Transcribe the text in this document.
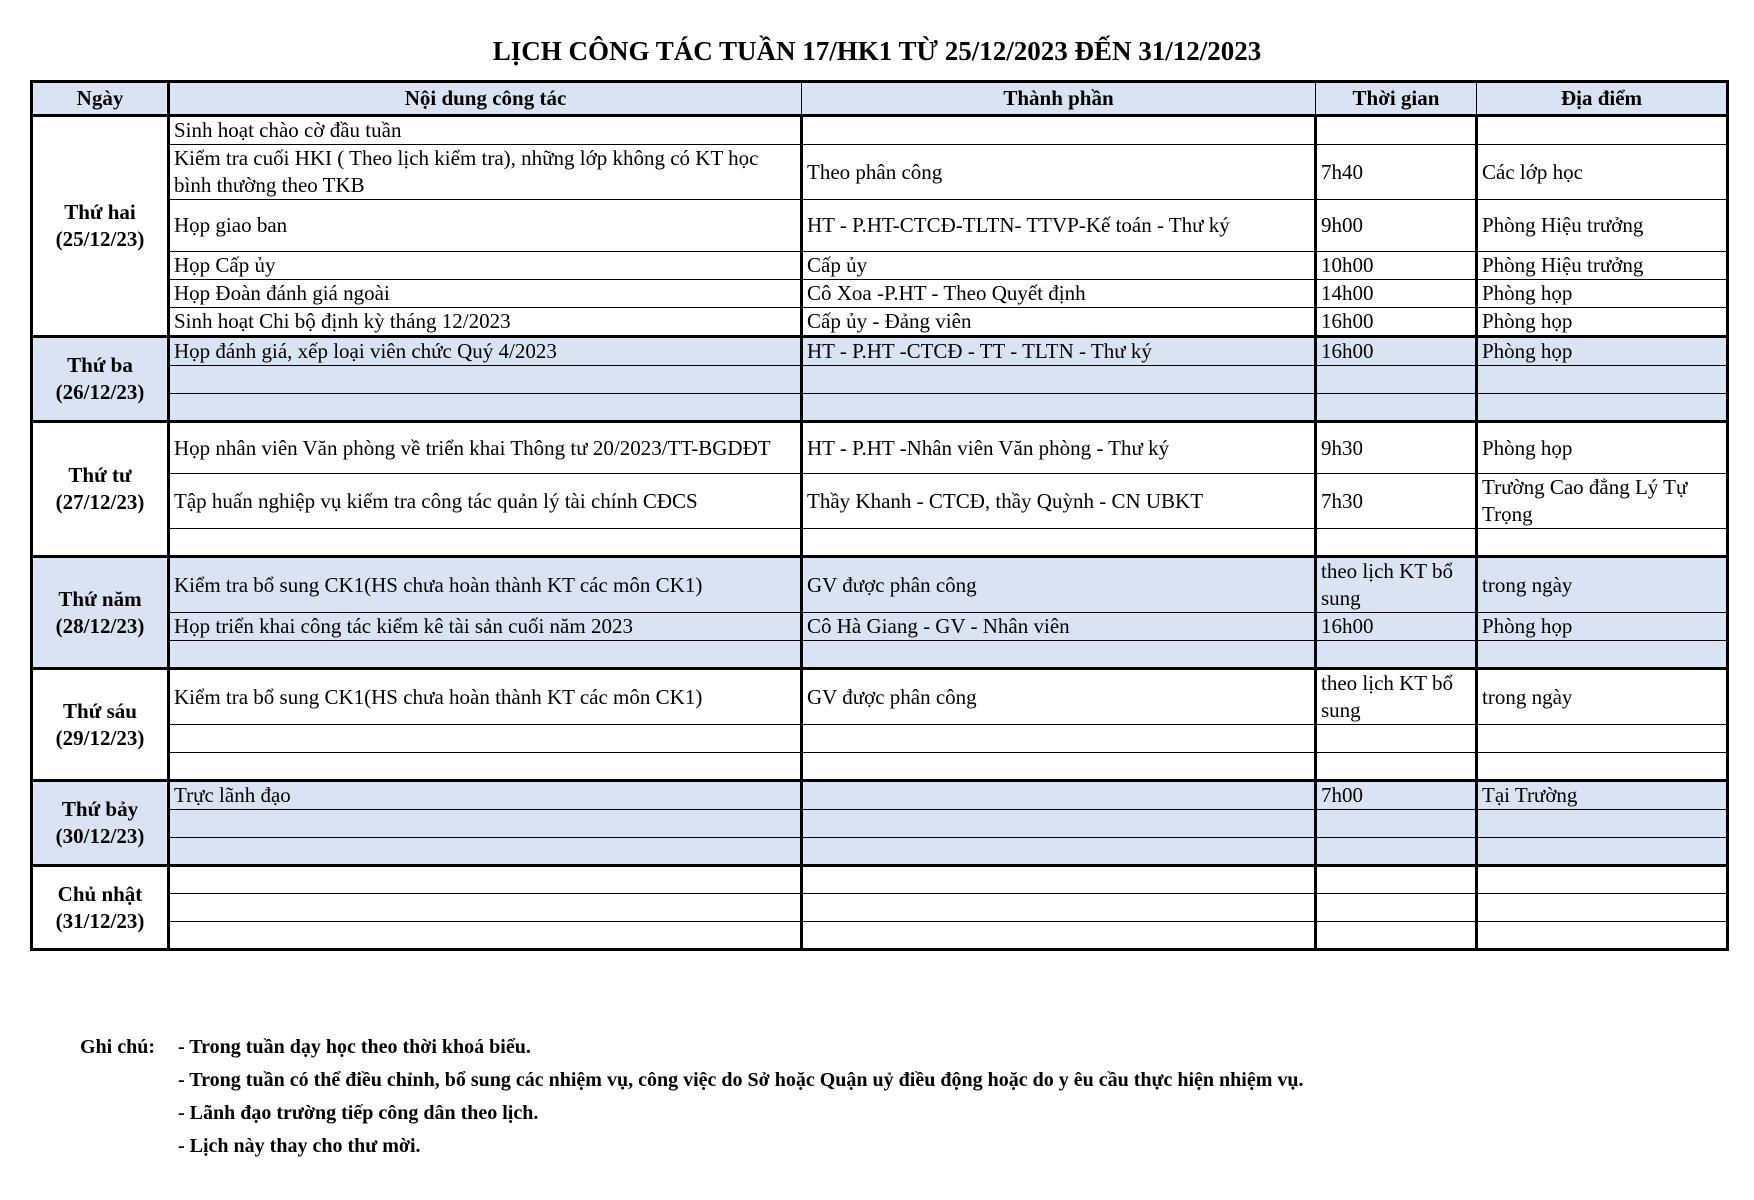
LỊCH CÔNG TÁC TUẦN 17/HK1 TỪ 25/12/2023 ĐẾN 31/12/2023
Ngày	Nội dung công tác	Thành phần	Thời gian	Địa điểm

Thứ hai
(25/12/23)	Sinh hoạt chào cờ đầu tuần			
	Kiểm tra cuối HKI ( Theo lịch kiểm tra), những lớp không có KT học bình thường theo TKB	Theo phân công	7h40	Các lớp học
	Họp giao ban	HT - P.HT-CTCĐ-TLTN- TTVP-Kế toán - Thư ký	9h00	Phòng Hiệu trưởng
	Họp Cấp ủy	Cấp ủy	10h00	Phòng Hiệu trưởng
	Họp Đoàn đánh giá ngoài	Cô Xoa -P.HT - Theo Quyết định	14h00	Phòng họp
	Sinh hoạt Chi bộ định kỳ tháng 12/2023	Cấp ủy - Đảng viên	16h00	Phòng họp

Thứ ba
(26/12/23)	Họp đánh giá, xếp loại viên chức Quý 4/2023	HT - P.HT -CTCĐ - TT - TLTN - Thư ký	16h00	Phòng họp

Thứ tư
(27/12/23)	Họp nhân viên Văn phòng về triển khai Thông tư 20/2023/TT-BGDĐT	HT - P.HT -Nhân viên Văn phòng - Thư ký	9h30	Phòng họp
	Tập huấn nghiệp vụ kiểm tra công tác quản lý tài chính CĐCS	Thầy Khanh - CTCĐ, thầy Quỳnh - CN UBKT	7h30	Trường Cao đẳng Lý Tự Trọng

Thứ năm
(28/12/23)	Kiểm tra bổ sung CK1(HS chưa hoàn thành KT các môn CK1)	GV được phân công	theo lịch KT bổ sung	trong ngày
	Họp triển khai công tác kiểm kê tài sản cuối năm 2023	Cô Hà Giang - GV - Nhân viên	16h00	Phòng họp

Thứ sáu
(29/12/23)	Kiểm tra bổ sung CK1(HS chưa hoàn thành KT các môn CK1)	GV được phân công	theo lịch KT bổ sung	trong ngày

Thứ bảy
(30/12/23)	Trực lãnh đạo		7h00	Tại Trường

Chủ nhật
(31/12/23)				

Ghi chú:	- Trong tuần dạy học theo thời khoá biểu.
- Trong tuần có thể điều chỉnh, bổ sung các nhiệm vụ, công việc do Sở hoặc Quận uỷ điều động hoặc do y êu cầu thực hiện nhiệm vụ.
- Lãnh đạo trường tiếp công dân theo lịch.
- Lịch này thay cho thư mời.
